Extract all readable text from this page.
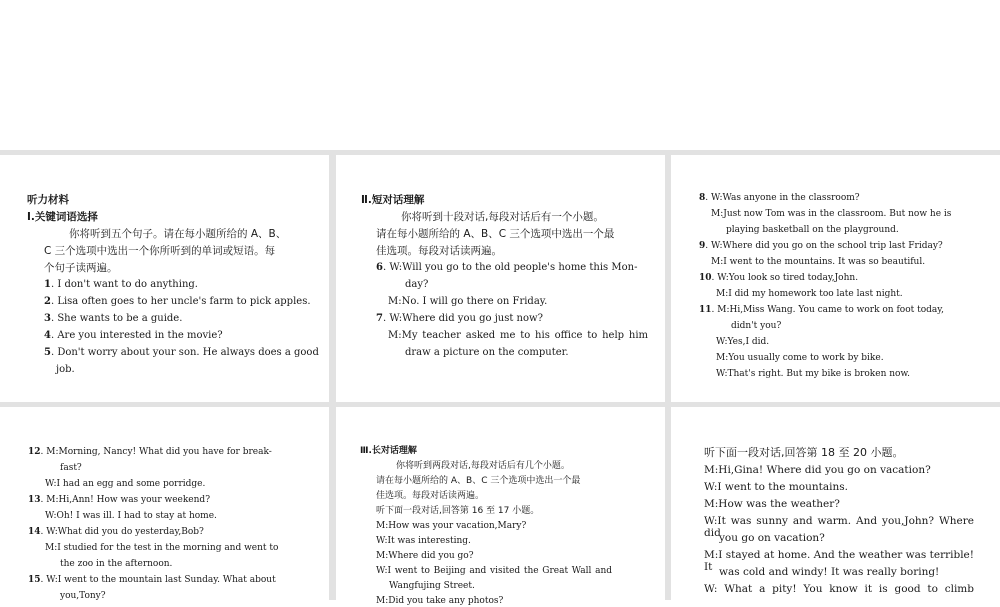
听力材料
Ⅰ.关键词语选择
你将听到五个句子。请在每小题所给的 A、B、
C 三个选项中选出一个你所听到的单词或短语。每
个句子读两遍。
1. I don't want to do anything.
2. Lisa often goes to her uncle's farm to pick apples.
3. She wants to be a guide.
4. Are you interested in the movie?
5. Don't worry about your son. He always does a good
job.
Ⅱ.短对话理解
你将听到十段对话,每段对话后有一个小题。
请在每小题所给的 A、B、C 三个选项中选出一个最
佳选项。每段对话读两遍。
6. W:Will you go to the old people's home this Mon-
day?
M:No. I will go there on Friday.
7. W:Where did you go just now?
M:My teacher asked me to his office to help him
draw a picture on the computer.
8. W:Was anyone in the classroom?
M:Just now Tom was in the classroom. But now he is
playing basketball on the playground.
9. W:Where did you go on the school trip last Friday?
M:I went to the mountains. It was so beautiful.
10. W:You look so tired today,John.
M:I did my homework too late last night.
11. M:Hi,Miss Wang. You came to work on foot today,
didn't you?
W:Yes,I did.
M:You usually come to work by bike.
W:That's right. But my bike is broken now.
12. M:Morning, Nancy! What did you have for break-
fast?
W:I had an egg and some porridge.
13. M:Hi,Ann! How was your weekend?
W:Oh! I was ill. I had to stay at home.
14. W:What did you do yesterday,Bob?
M:I studied for the test in the morning and went to
the zoo in the afternoon.
15. W:I went to the mountain last Sunday. What about
you,Tony?
Ⅲ.长对话理解
你将听到两段对话,每段对话后有几个小题。
请在每小题所给的 A、B、C 三个选项中选出一个最
佳选项。每段对话读两遍。
听下面一段对话,回答第 16 至 17 小题。
M:How was your vacation,Mary?
W:It was interesting.
M:Where did you go?
W:I went to Beijing and visited the Great Wall and
Wangfujing Street.
M:Did you take any photos?
听下面一段对话,回答第 18 至 20 小题。
M:Hi,Gina! Where did you go on vacation?
W:I went to the mountains.
M:How was the weather?
W:It was sunny and warm. And you,John? Where did
you go on vacation?
M:I stayed at home. And the weather was terrible! It was cold and windy! It was really boring!
W: What a pity! You know it is good to climb
